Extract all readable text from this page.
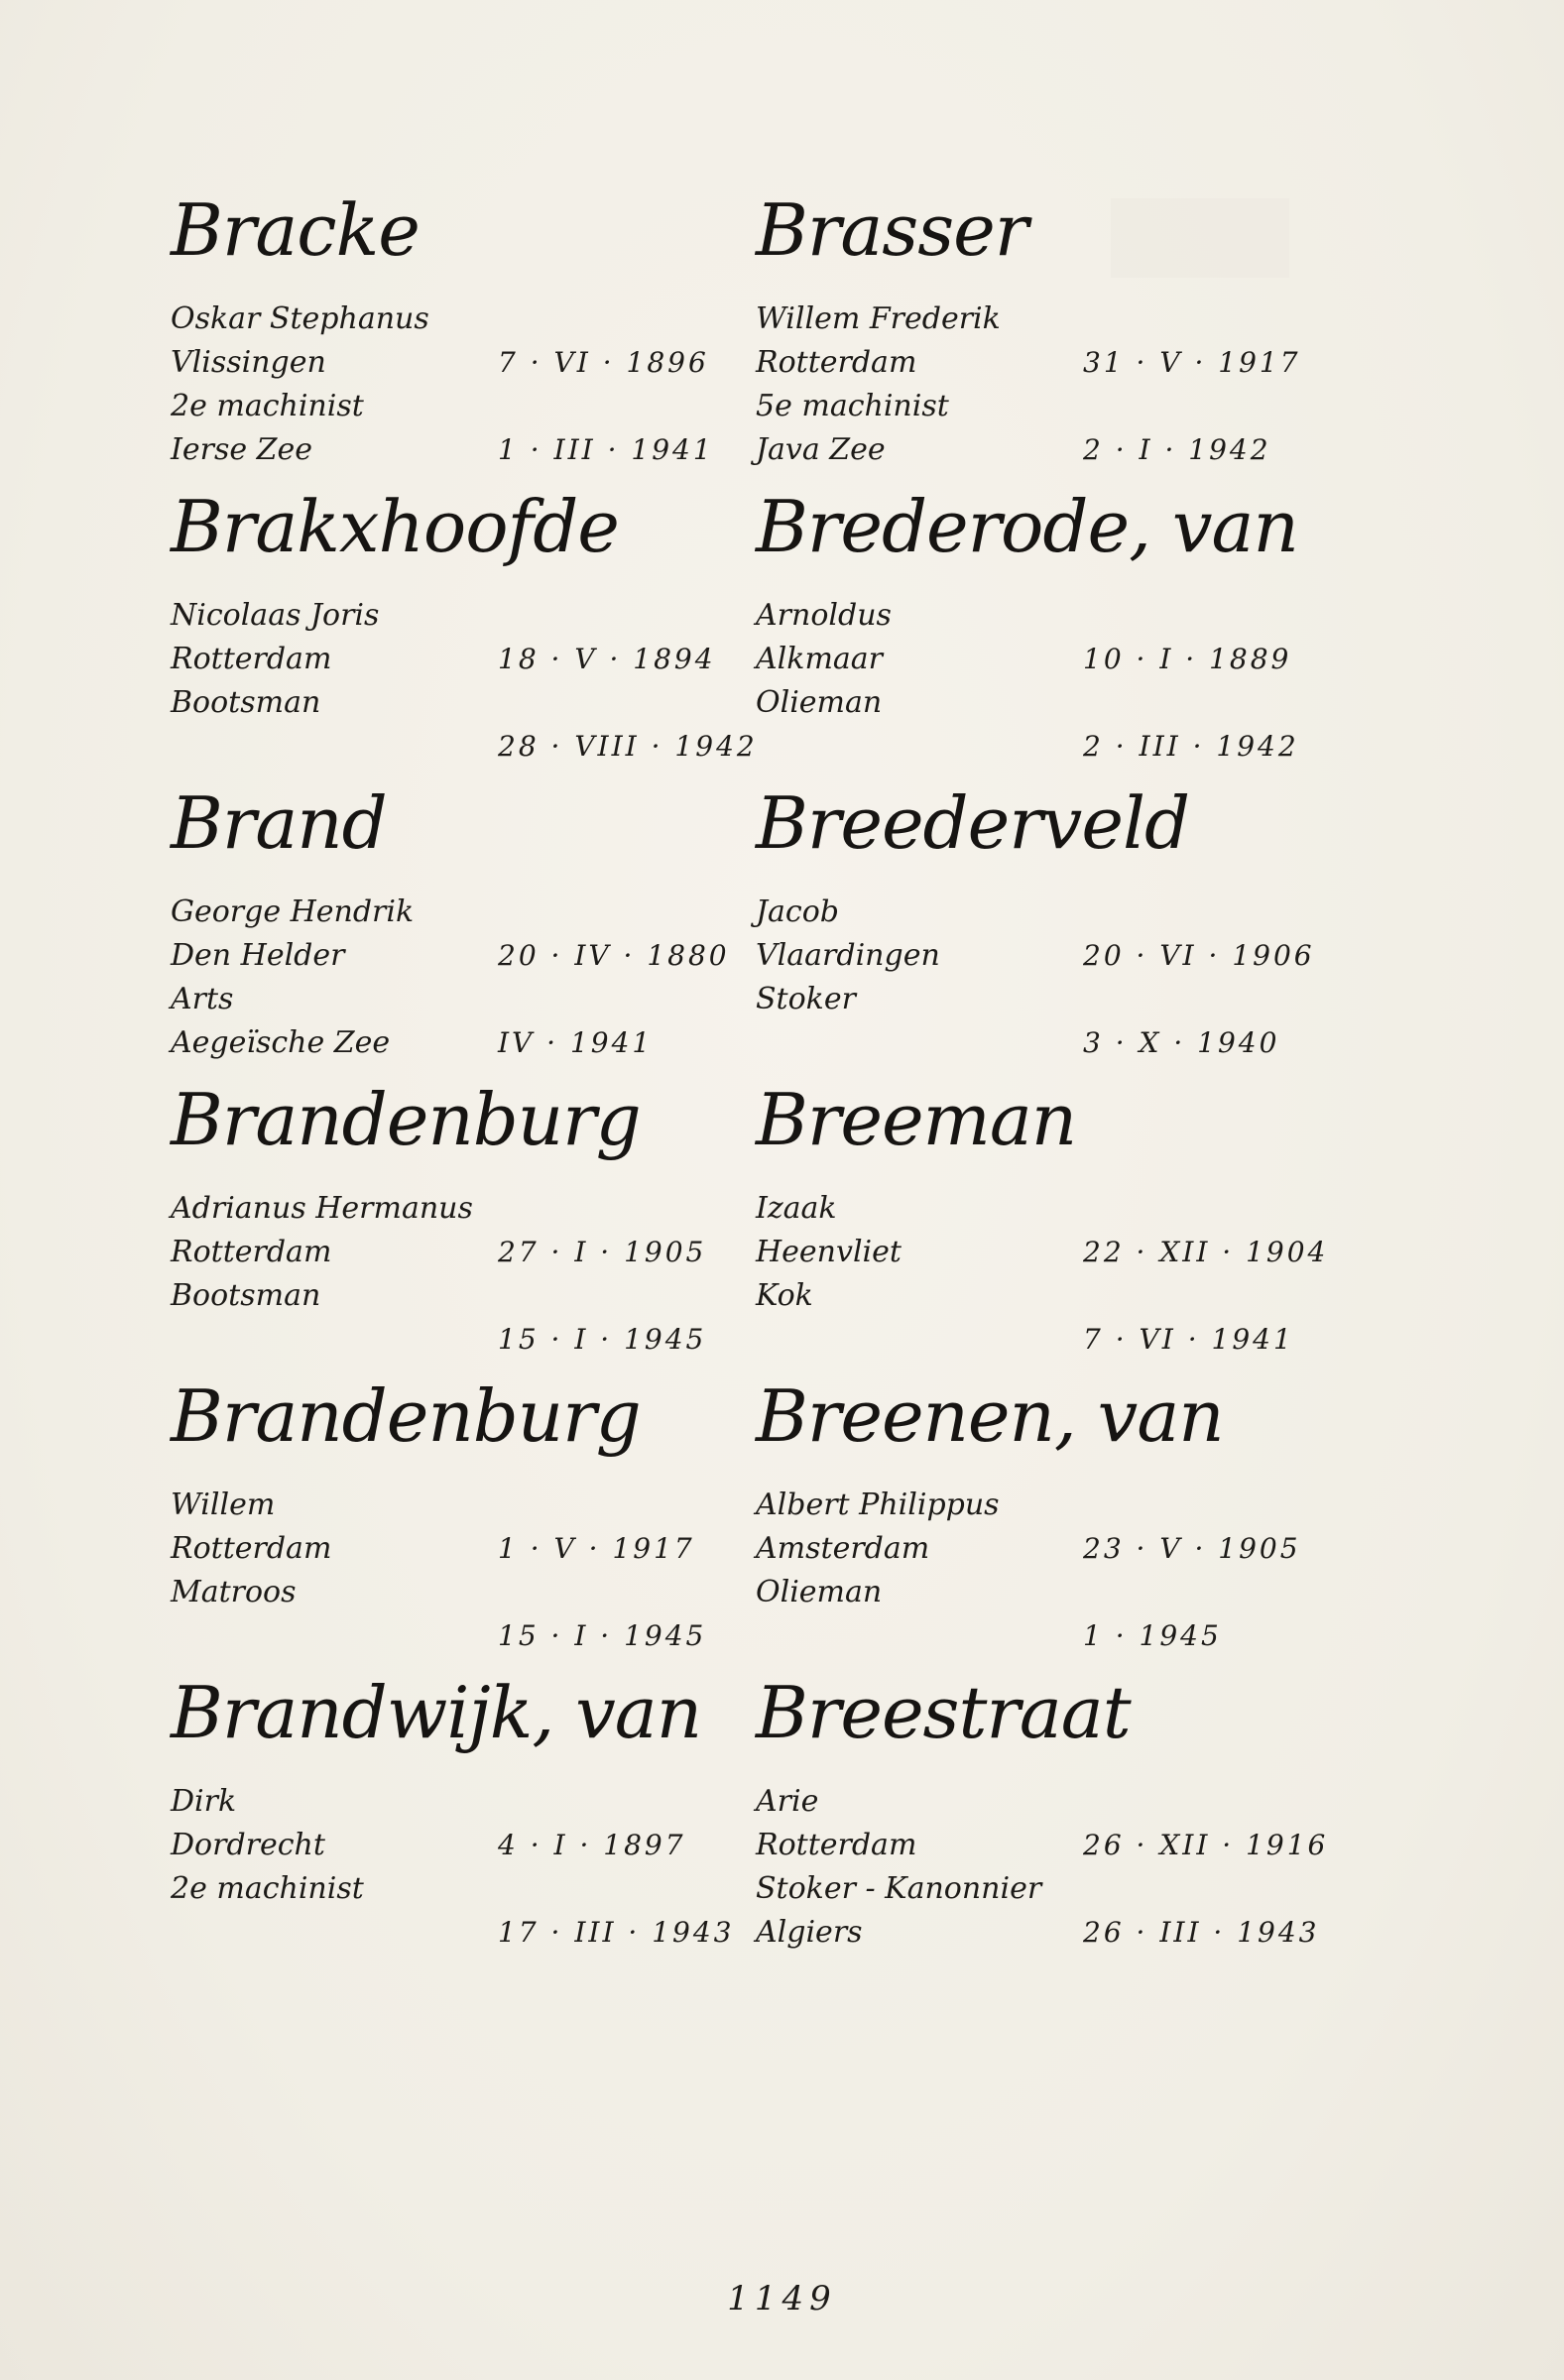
Bracke
Oskar Stephanus
Vlissingen	7 · VI · 1896
2e machinist
Ierse Zee	1 · III · 1941
Brakxhoofde
Nicolaas Joris
Rotterdam	18 · V · 1894
Bootsman
28 · VIII · 1942
Brand
George Hendrik
Den Helder	20 · IV · 1880
Arts
Aegeïsche Zee	IV · 1941
Brandenburg
Adrianus Hermanus
Rotterdam	27 · I · 1905
Bootsman
15 · I · 1945
Brandenburg
Willem
Rotterdam	1 · V · 1917
Matroos
15 · I · 1945
Brandwijk, van
Dirk
Dordrecht	4 · I · 1897
2e machinist
17 · III · 1943
Brasser
Willem Frederik
Rotterdam	31 · V · 1917
5e machinist
Java Zee	2 · I · 1942
Brederode, van
Arnoldus
Alkmaar	10 · I · 1889
Olieman
2 · III · 1942
Breederveld
Jacob
Vlaardingen	20 · VI · 1906
Stoker
3 · X · 1940
Breeman
Izaak
Heenvliet	22 · XII · 1904
Kok
7 · VI · 1941
Breenen, van
Albert Philippus
Amsterdam	23 · V · 1905
Olieman
1 · 1945
Breestraat
Arie
Rotterdam	26 · XII · 1916
Stoker - Kanonnier
Algiers	26 · III · 1943
1149
